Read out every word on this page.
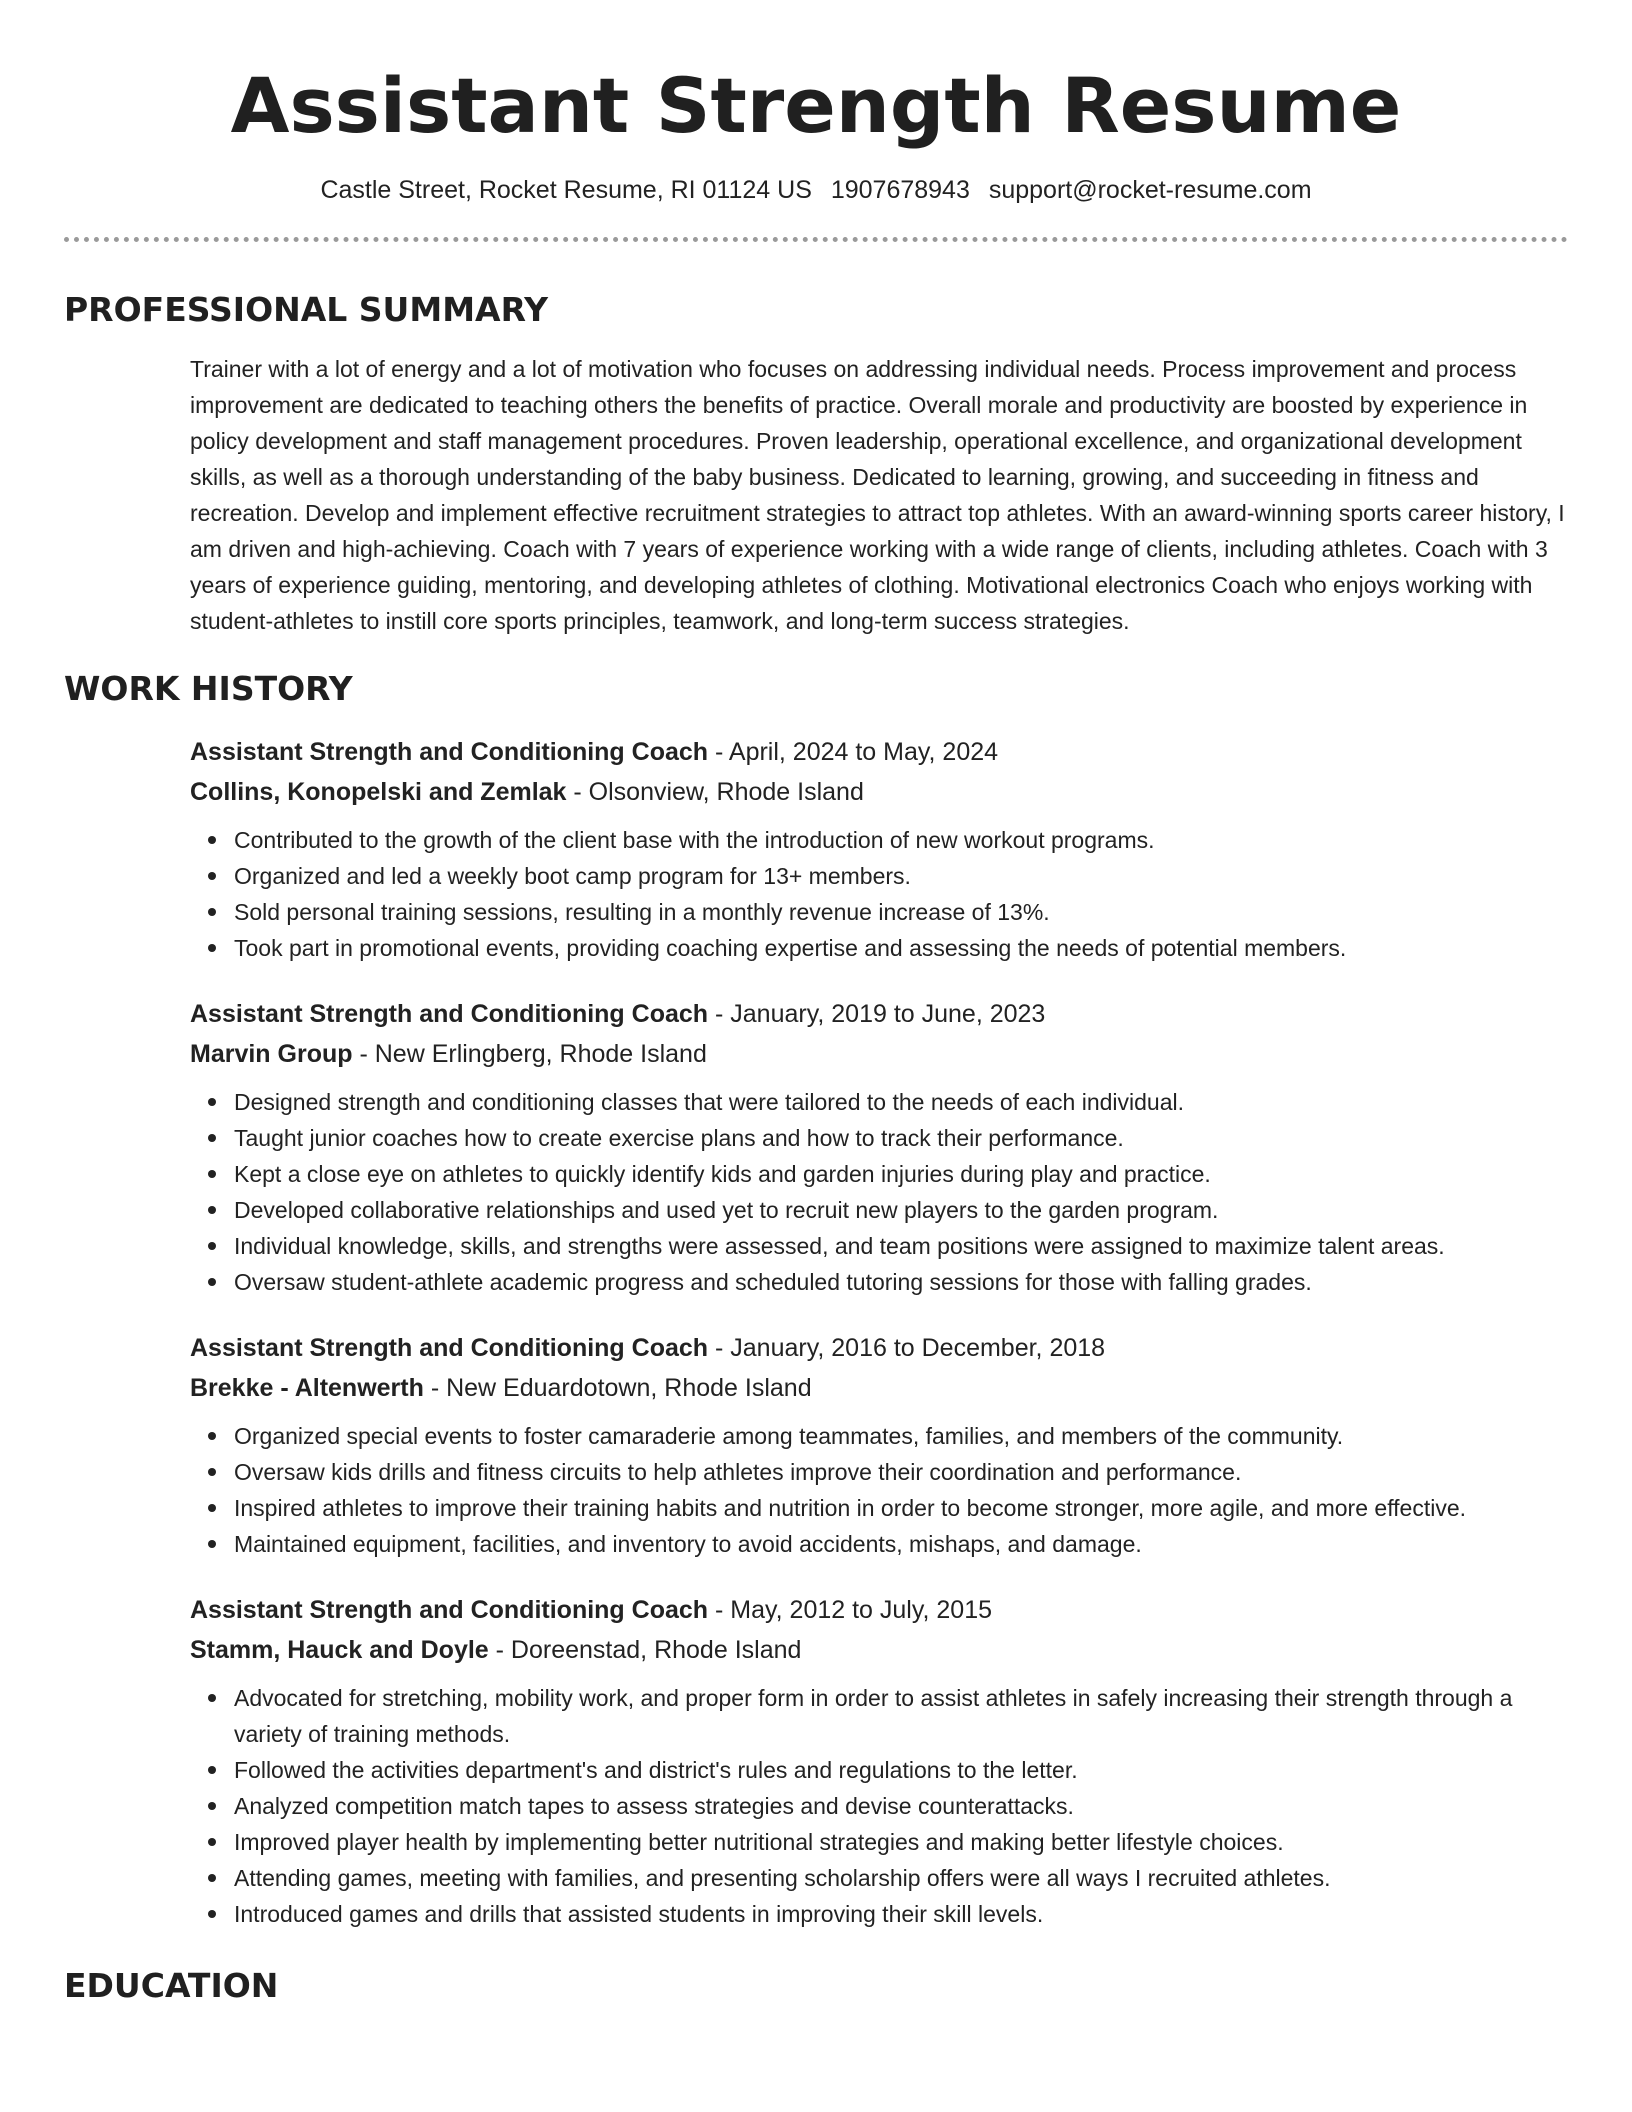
Assistant Strength Resume
Castle Street, Rocket Resume, RI 01124 US 1907678943 support@rocket-resume.com
PROFESSIONAL SUMMARY

Trainer with a lot of energy and a lot of motivation who focuses on addressing individual needs. Process improvement and process improvement are dedicated to teaching others the benefits of practice. Overall morale and productivity are boosted by experience in policy development and staff management procedures. Proven leadership, operational excellence, and organizational development skills, as well as a thorough understanding of the baby business. Dedicated to learning, growing, and succeeding in fitness and recreation. Develop and implement effective recruitment strategies to attract top athletes. With an award-winning sports career history, I am driven and high-achieving. Coach with 7 years of experience working with a wide range of clients, including athletes. Coach with 3 years of experience guiding, mentoring, and developing athletes of clothing. Motivational electronics Coach who enjoys working with student-athletes to instill core sports principles, teamwork, and long-term success strategies.

WORK HISTORY
Assistant Strength and Conditioning Coach - April, 2024 to May, 2024
Collins, Konopelski and Zemlak - Olsonview, Rhode Island
Contributed to the growth of the client base with the introduction of new workout programs.
Organized and led a weekly boot camp program for 13+ members.
Sold personal training sessions, resulting in a monthly revenue increase of 13%.
Took part in promotional events, providing coaching expertise and assessing the needs of potential members.
Assistant Strength and Conditioning Coach - January, 2019 to June, 2023
Marvin Group - New Erlingberg, Rhode Island
Designed strength and conditioning classes that were tailored to the needs of each individual.
Taught junior coaches how to create exercise plans and how to track their performance.
Kept a close eye on athletes to quickly identify kids and garden injuries during play and practice.
Developed collaborative relationships and used yet to recruit new players to the garden program.
Individual knowledge, skills, and strengths were assessed, and team positions were assigned to maximize talent areas.
Oversaw student-athlete academic progress and scheduled tutoring sessions for those with falling grades.
Assistant Strength and Conditioning Coach - January, 2016 to December, 2018
Brekke - Altenwerth - New Eduardotown, Rhode Island
Organized special events to foster camaraderie among teammates, families, and members of the community.
Oversaw kids drills and fitness circuits to help athletes improve their coordination and performance.
Inspired athletes to improve their training habits and nutrition in order to become stronger, more agile, and more effective.
Maintained equipment, facilities, and inventory to avoid accidents, mishaps, and damage.
Assistant Strength and Conditioning Coach - May, 2012 to July, 2015
Stamm, Hauck and Doyle - Doreenstad, Rhode Island
Advocated for stretching, mobility work, and proper form in order to assist athletes in safely increasing their strength through a variety of training methods.
Followed the activities department's and district's rules and regulations to the letter.
Analyzed competition match tapes to assess strategies and devise counterattacks.
Improved player health by implementing better nutritional strategies and making better lifestyle choices.
Attending games, meeting with families, and presenting scholarship offers were all ways I recruited athletes.
Introduced games and drills that assisted students in improving their skill levels.
EDUCATION
